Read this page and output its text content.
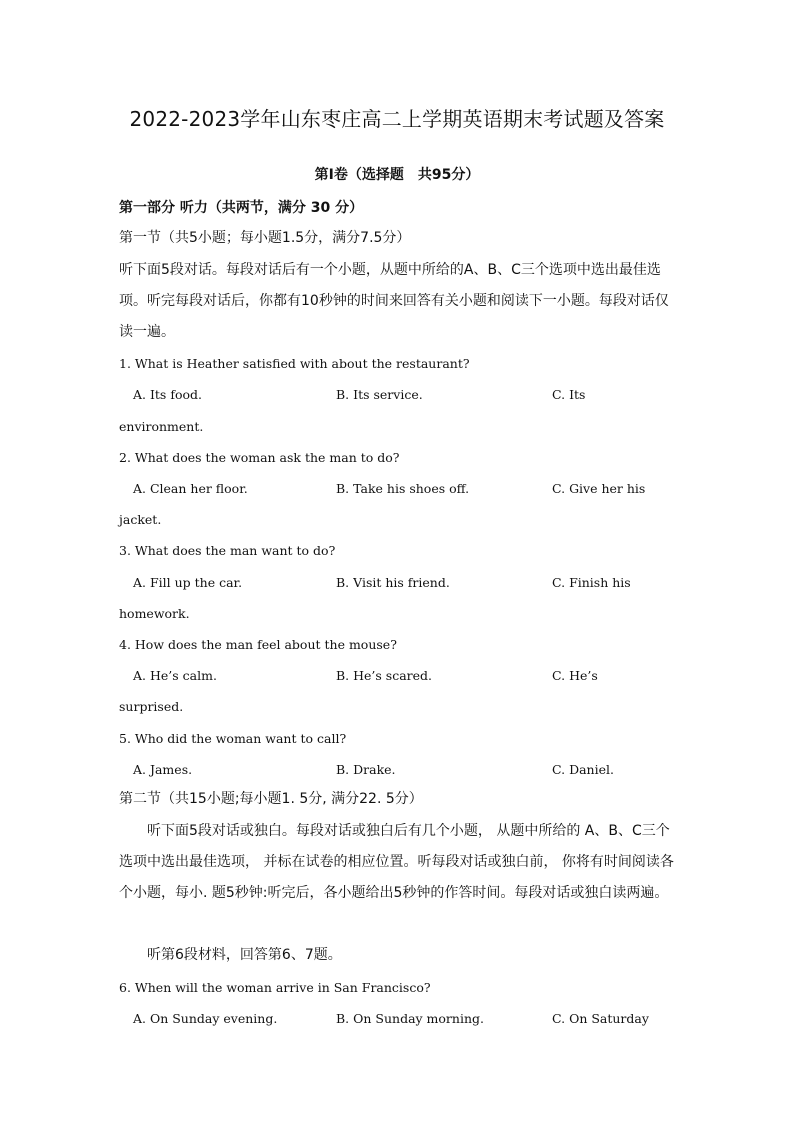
2022-2023学年山东枣庄高二上学期英语期末考试题及答案
第Ⅰ卷（选择题　共95分）
第一部分 听力（共两节，满分 30 分）
第一节（共5小题；每小题1.5分，满分7.5分）
听下面5段对话。每段对话后有一个小题，从题中所给的A、B、C三个选项中选出最佳选
项。听完每段对话后，你都有10秒钟的时间来回答有关小题和阅读下一小题。每段对话仅
读一遍。
1. What is Heather satisfied with about the restaurant?
A. Its food.	B. Its service.	C. Its
environment.
2. What does the woman ask the man to do?
A. Clean her floor.	B. Take his shoes off.	C. Give her his
jacket.
3. What does the man want to do?
A. Fill up the car.	B. Visit his friend.	C. Finish his
homework.
4. How does the man feel about the mouse?
A. He’s calm.	B. He’s scared.	C. He’s
surprised.
5. Who did the woman want to call?
A. James.	B. Drake.	C. Daniel.
第二节（共15小题;每小题1. 5分, 满分22. 5分）
听下面5段对话或独白。每段对话或独白后有几个小题， 从题中所给的 A、B、C三个
选项中选出最佳选项， 并标在试卷的相应位置。听每段对话或独白前， 你将有时间阅读各
个小题，每小. 题5秒钟:听完后，各小题给出5秒钟的作答时间。每段对话或独白读两遍。
听第6段材料，回答第6、7题。
6. When will the woman arrive in San Francisco?
A. On Sunday evening.	B. On Sunday morning.	C. On Saturday
